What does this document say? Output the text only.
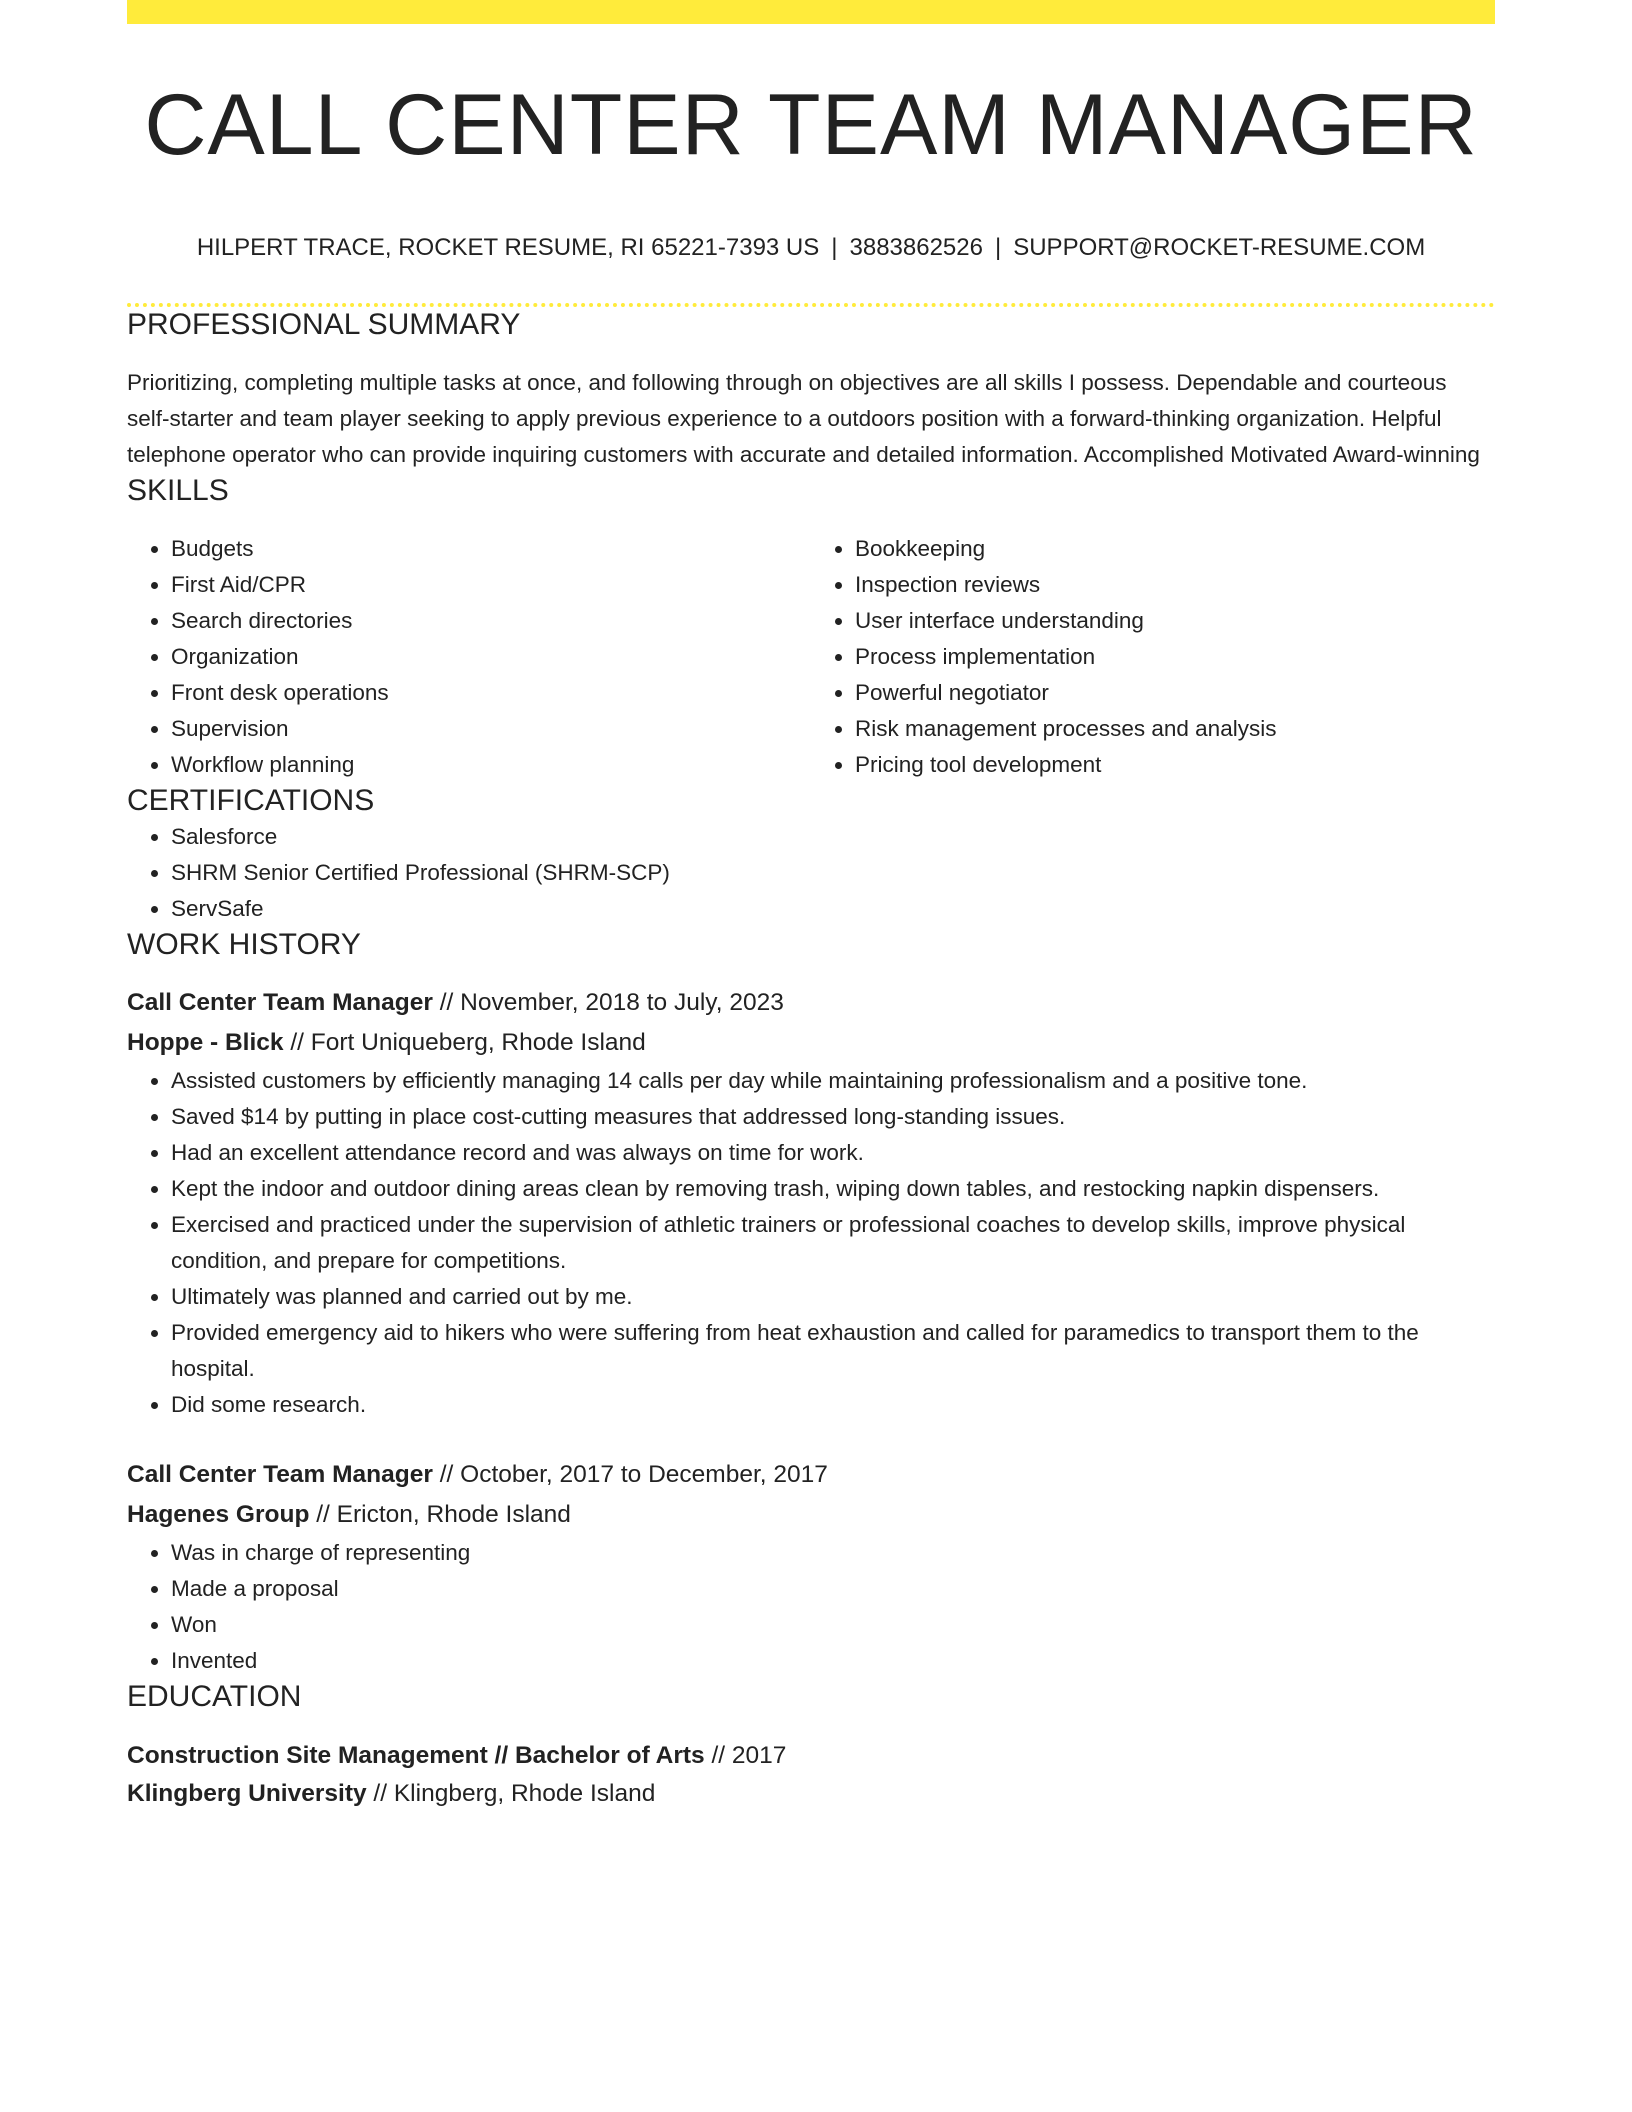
CALL CENTER TEAM MANAGER
HILPERT TRACE, ROCKET RESUME, RI 65221-7393 US | 3883862526 | SUPPORT@ROCKET-RESUME.COM
PROFESSIONAL SUMMARY
Prioritizing, completing multiple tasks at once, and following through on objectives are all skills I possess. Dependable and courteous self-starter and team player seeking to apply previous experience to a outdoors position with a forward-thinking organization. Helpful telephone operator who can provide inquiring customers with accurate and detailed information. Accomplished Motivated Award-winning
SKILLS
• Budgets
• First Aid/CPR
• Search directories
• Organization
• Front desk operations
• Supervision
• Workflow planning
• Bookkeeping
• Inspection reviews
• User interface understanding
• Process implementation
• Powerful negotiator
• Risk management processes and analysis
• Pricing tool development
CERTIFICATIONS
• Salesforce
• SHRM Senior Certified Professional (SHRM-SCP)
• ServSafe
WORK HISTORY
Call Center Team Manager // November, 2018 to July, 2023
Hoppe - Blick // Fort Uniqueberg, Rhode Island
• Assisted customers by efficiently managing 14 calls per day while maintaining professionalism and a positive tone.
• Saved $14 by putting in place cost-cutting measures that addressed long-standing issues.
• Had an excellent attendance record and was always on time for work.
• Kept the indoor and outdoor dining areas clean by removing trash, wiping down tables, and restocking napkin dispensers.
• Exercised and practiced under the supervision of athletic trainers or professional coaches to develop skills, improve physical condition, and prepare for competitions.
• Ultimately was planned and carried out by me.
• Provided emergency aid to hikers who were suffering from heat exhaustion and called for paramedics to transport them to the hospital.
• Did some research.
Call Center Team Manager // October, 2017 to December, 2017
Hagenes Group // Ericton, Rhode Island
• Was in charge of representing
• Made a proposal
• Won
• Invented
EDUCATION
Construction Site Management // Bachelor of Arts // 2017
Klingberg University // Klingberg, Rhode Island
